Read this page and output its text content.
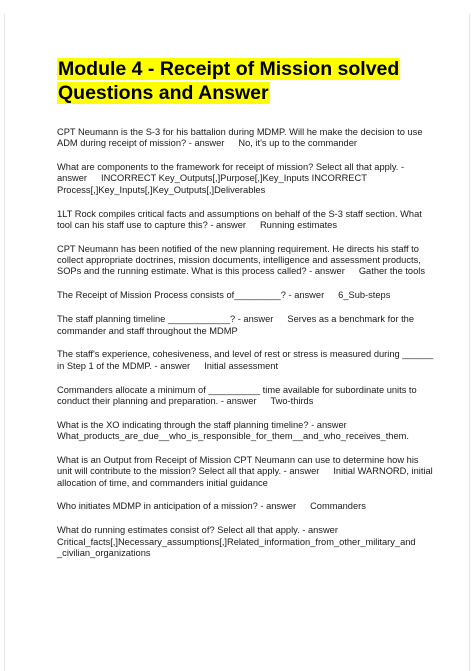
Module 4 - Receipt of Mission solved

Questions and Answer

CPT Neumann is the S-3 for his battalion during MDMP. Will he make the decision to use ADM during receipt of mission? - answer No, it's up to the commander

What are components to the framework for receipt of mission? Select all that apply. - answer INCORRECT Key_Outputs[,]Purpose[,]Key_Inputs INCORRECT Process[,]Key_Inputs[,]Key_Outputs[,]Deliverables

1LT Rock compiles critical facts and assumptions on behalf of the S-3 staff section. What tool can his staff use to capture this? - answer Running estimates

CPT Neumann has been notified of the new planning requirement. He directs his staff to collect appropriate doctrines, mission documents, intelligence and assessment products, SOPs and the running estimate. What is this process called? - answer Gather the tools

The Receipt of Mission Process consists of_________? - answer 6_Sub-steps

The staff planning timeline ____________? - answer Serves as a benchmark for the commander and staff throughout the MDMP

The staff's experience, cohesiveness, and level of rest or stress is measured during ______ in Step 1 of the MDMP. - answer Initial assessment

Commanders allocate a minimum of __________ time available for subordinate units to conduct their planning and preparation. - answer Two-thirds

What is the XO indicating through the staff planning timeline? - answer What_products_are_due__who_is_responsible_for_them__and_who_receives_them.

What is an Output from Receipt of Mission CPT Neumann can use to determine how his unit will contribute to the mission? Select all that apply. - answer Initial WARNORD, initial allocation of time, and commanders initial guidance

Who initiates MDMP in anticipation of a mission? - answer Commanders

What do running estimates consist of? Select all that apply. - answer Critical_facts[,]Necessary_assumptions[,]Related_information_from_other_military_and _civilian_organizations
